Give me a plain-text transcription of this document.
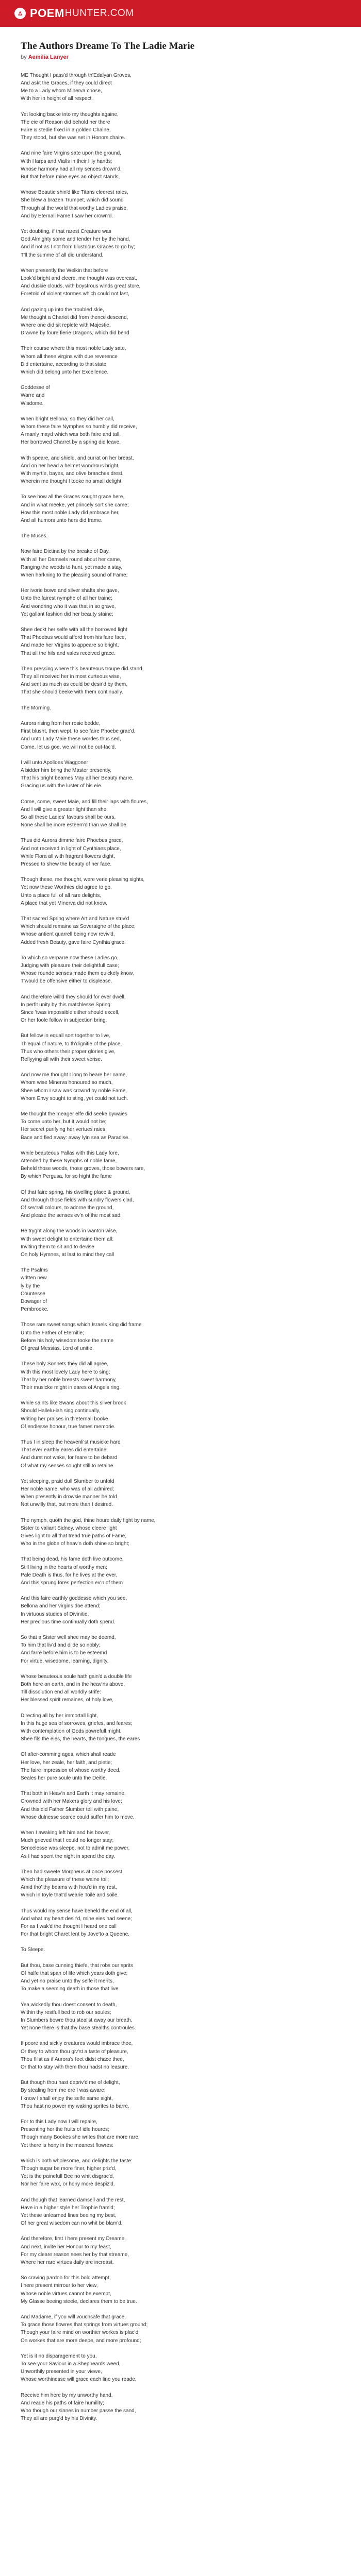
POEM HUNTER.COM
The Authors Dreame To The Ladie Marie
by Aemilia Lanyer

ME Thought I pass'd through th'Edalyan Groves,
And askt the Graces, if they could direct
Me to a Lady whom Minerva chose,
With her in height of all respect.

Yet looking backe into my thoughts againe,
The eie of Reason did behold her there
Faire & stedie fixed in a golden Chaine,
They stood, but she was set in Honors chaire.

And nine faire Virgins sate upon the ground,
With Harps and Vialls in their lilly hands;
Whose harmony had all my sences drown'd,
But that before mine eyes an object stands,

Whose Beautie shin'd like Titans cleerest raies,
She blew a brazen Trumpet, which did sound
Through al the world that worthy Ladies praise,
And by Eternall Fame I saw her crown'd.

Yet doubting, if that rarest Creature was
God Almighty some and tender her by the hand,
And if not as I not from Illustrious Graces to go by;
T'll the summe of all did understand.

When presently the Welkin that before
Look'd bright and cleere, me thought was overcast,
And duskie clouds, with boystrous winds great store,
Foretold of violent stormes which could not last,

And gazing up into the troubled skie,
Me thought a Chariot did from thence descend,
Where one did sit replete with Majestie,
Drawne by foure fierie Dragons, which did bend

Their course where this most noble Lady sate,
Whom all these virgins with due reverence
Did entertaine, according to that state
Which did belong unto her Excellence.

Goddesse of
Warre and
Wisdome.

When bright Bellona, so they did her call,
Whom these faire Nymphes so humbly did receive,
A manly mayd which was both faire and tall,
Her borrowed Charret by a spring did leave.

With speare, and shield, and currat on her breast,
And on her head a helmet wondrous bright,
With myrtle, bayes, and olive branches drest,
Wherein me thought I tooke no small delight.

To see how all the Graces sought grace here,
And in what meeke, yet princely sort she came;
How this most noble Lady did embrace her,
And all humors unto hers did frame.

The Muses.

Now faire Dictina by the breake of Day,
With all her Damsels round about her came,
Ranging the woods to hunt, yet made a stay,
When harkning to the pleasing sound of Fame;

Her ivorie bowe and silver shafts she gave,
Unto the fairest nymphe of all her traine;
And wondring who it was that in so grave,
Yet gallant fashion did her beauty staine:

Shee deckt her selfe with all the borrowed light
That Phoebus would afford from his faire face,
And made her Virgins to appeare so bright,
That all the hils and vales received grace.

Then pressing where this beauteous troupe did stand,
They all received her in most curteous wise,
And sent as much as could be desir'd by them,
That she should beeke with them continually.

The Morning.

Aurora rising from her rosie bedde,
First blusht, then wept, to see faire Phoebe grac'd,
And unto Lady Maie these wordes thus sed,
Come, let us goe, we will not be out-fac'd.

I will unto Apolloes Waggoner
A bidder him bring the Master presently,
That his bright beames May all her Beauty marre,
Gracing us with the luster of his eie.

Come, come, sweet Maie, and fill their laps with floures,
And I will give a greater light than she:
So all these Ladies' favours shall be ours,
None shall be more esteem'd than we shall be.

Thus did Aurora dimme faire Phoebus grace,
And not received in light of Cynthiaes place,
While Flora all with fragrant flowers dight,
Pressed to shew the beauty of her face.

Though these, me thought, were verie pleasing sights,
Yet now these Worthies did agree to go,
Unto a place full of all rare delights,
A place that yet Minerva did not know.

That sacred Spring where Art and Nature striv'd
Which should remaine as Soveraigne of the place;
Whose antient quarrell being now reviv'd,
Added fresh Beauty, gave faire Cynthia grace.

To which so verparre now these Ladies go,
Judging with pleasure their delightfull case;
Whose rounde senses made them quickely know,
T'would be offensive either to displease.

And therefore will'd they should for ever dwell,
In perfit unity by this matchlesse Spring:
Since 'twas impossible either should excell,
Or her foole follow in subjection bring.

But fellow in equall sort together to live,
Th'equal of nature, to th'dignitie of the place,
Thus who others their proper glories give,
Reflyying all with their sweet verise.

And now me thought I long to heare her name,
Whom wise Minerva honoured so much,
Shee whom I saw was crownd by noble Fame,
Whom Envy sought to sting, yet could not tuch.

Me thought the meager elfe did seeke bywaies
To come unto her, but it would not be;
Her secret purifying her vertues raies,
Bace and fled away: away lyin sea as Paradise.

While beauteous Pallas with this Lady fore,
Attended by these Nymphs of noble fame,
Beheld those woods, those groves, those bowers rare,
By which Pergusa, for so hight the fame

Of that faire spring, his dwelling place & ground,
And through those fields with sundry flowers clad,
Of sev'rall colours, to adorne the ground,
And please the senses ev'n of the most sad:

He tryght along the woods in wanton wise,
With sweet delight to entertaine them all:
Inviting them to sit and to devise
On holy Hymnes, at last to mind they call

The Psalms
written new
ly by the
Countesse
Dowager of
Pembrooke.

Those rare sweet songs which Israels King did frame
Unto the Father of Eternitie;
Before his holy wisedom tooke the name
Of great Messias, Lord of unitie.

These holy Sonnets they did all agree,
With this most lovely Lady here to sing;
That by her noble breasts sweet harmony,
Their musicke might in eares of Angels ring.

While saints like Swans about this silver brook
Should Hallelu-iah sing continually,
Writing her praises in th'eternall booke
Of endlesse honour, true fames memorie.

Thus I in sleep the heavenli'st musicke hard
That ever earthly eares did entertaine;
And durst not wake, for feare to be debard
Of what my senses sought still to retaine.

Yet sleeping, praid dull Slumber to unfold
Her noble name, who was of all admired;
When presently in drowsie manner he told
Not unwilly that, but more than I desired.

The nymph, quoth the god, thine houre daily fight by name,
Sister to valiant Sidney, whose cleere light
Gives light to all that tread true paths of Fame,
Who in the globe of heav'n doth shine so bright;

That being dead, his fame doth live outcome,
Still living in the hearts of worthy men;
Pale Death is thus, for he lives at the ever,
And this sprung fores perfection ev'n of them

And this faire earthly goddesse which you see,
Bellona and her virgins doe attend;
In virtuous studies of Divinitie,
Her precious time continually doth spend.

So that a Sister well shee may be deemd,
To him that liv'd and di'de so nobly;
And farre before him is to be esteemd
For virtue, wisedome, learning, dignity.

Whose beauteous soule hath gain'd a double life
Both here on earth, and in the heav'ns above,
Till dissolution end all worldly strife:
Her blessed spirit remaines, of holy love,

Directing all by her immortall light,
In this huge sea of sorrowes, griefes, and feares;
With contemplation of Gods powrefull might,
Shee fils the eies, the hearts, the tongues, the eares

Of after-comming ages, which shall reade
Her love, her zeale, her faith, and pietie;
The faire impression of whose worthy deed,
Seales her pure soule unto the Deitie.

That both in Heav'n and Earth it may remaine,
Crowned with her Makers glory and his love;
And this did Father Slumber tell with paine,
Whose dulnesse scarce could suffer him to move.

When I awaking left him and his bower,
Much grieved that I could no longer stay;
Sencelesse was sleepe, not to admit me power,
As I had spent the night in spend the day.

Then had sweete Morpheus at once possest
Which the pleasure of these waine toil;
Amid tho' thy beams with hou'd in my rest,
Which in toyle that'd wearie Toile and soile.

Thus would my sense have beheld the end of all,
And what my heart desir'd, mine eies had seene;
For as I wak'd the thought I heard one call
For that bright Charet lent by Jove'to a Queene.

To Sleepe.

But thou, base cunning thiefe, that robs our sprits
Of halfe that span of life which years doth give;
And yet no praise unto thy selfe it merits,
To make a seeming death in those that live.

Yea wickedly thou doest consent to death,
Within thy restfull bed to rob our soules;
In Slumbers bowre thou steal'st away our breath,
Yet none there is that thy base stealths controules.

If poore and sickly creatures would imbrace thee,
Or they to whom thou giv'st a taste of pleasure,
Thou fli'st as if Aurora's feet didst chace thee,
Or that to stay with them thou hadst no leasure.

But though thou hast depriv'd me of delight,
By stealing from me ere I was aware;
I know I shall enjoy the selfe same sight,
Thou hast no power my waking sprites to barre.

For to this Lady now I will repaire,
Presenting her the fruits of idle houres;
Though many Bookes she writes that are more rare,
Yet there is hony in the meanest flowres:

Which is both wholesome, and delights the taste:
Though sugar be more finer, higher priz'd,
Yet is the painefull Bee no whit disgrac'd,
Nor her faire wax, or hony more despiz'd.

And though that learned damsell and the rest,
Have in a higher style her Trophie fram'd;
Yet these unlearned lines beeing my best,
Of her great wisedom can no whit be blam'd.

And therefore, first I here present my Dreame,
And next, invite her Honour to my feast,
For my cleare reason sees her by that streame,
Where her rare virtues daily are increast.

So craving pardon for this bold attempt,
I here present mirrour to her view,
Whose noble virtues cannot be exempt,
My Glasse beeing steele, declares them to be true.

And Madame, if you will vouchsafe that grace,
To grace those flowres that springs from virtues ground;
Though your faire mind on worthier workes is plac'd,
On workes that are more deepe, and more profound;

Yet is it no disparagement to you,
To see your Saviour in a Shepheards weed,
Unworthily presented in your viewe,
Whose worthinesse will grace each line you reade.

Receive him here by my unworthy hand,
And reade his paths of faire humility;
Who though our sinnes in number passe the sand,
They all are purg'd by his Divinity.
